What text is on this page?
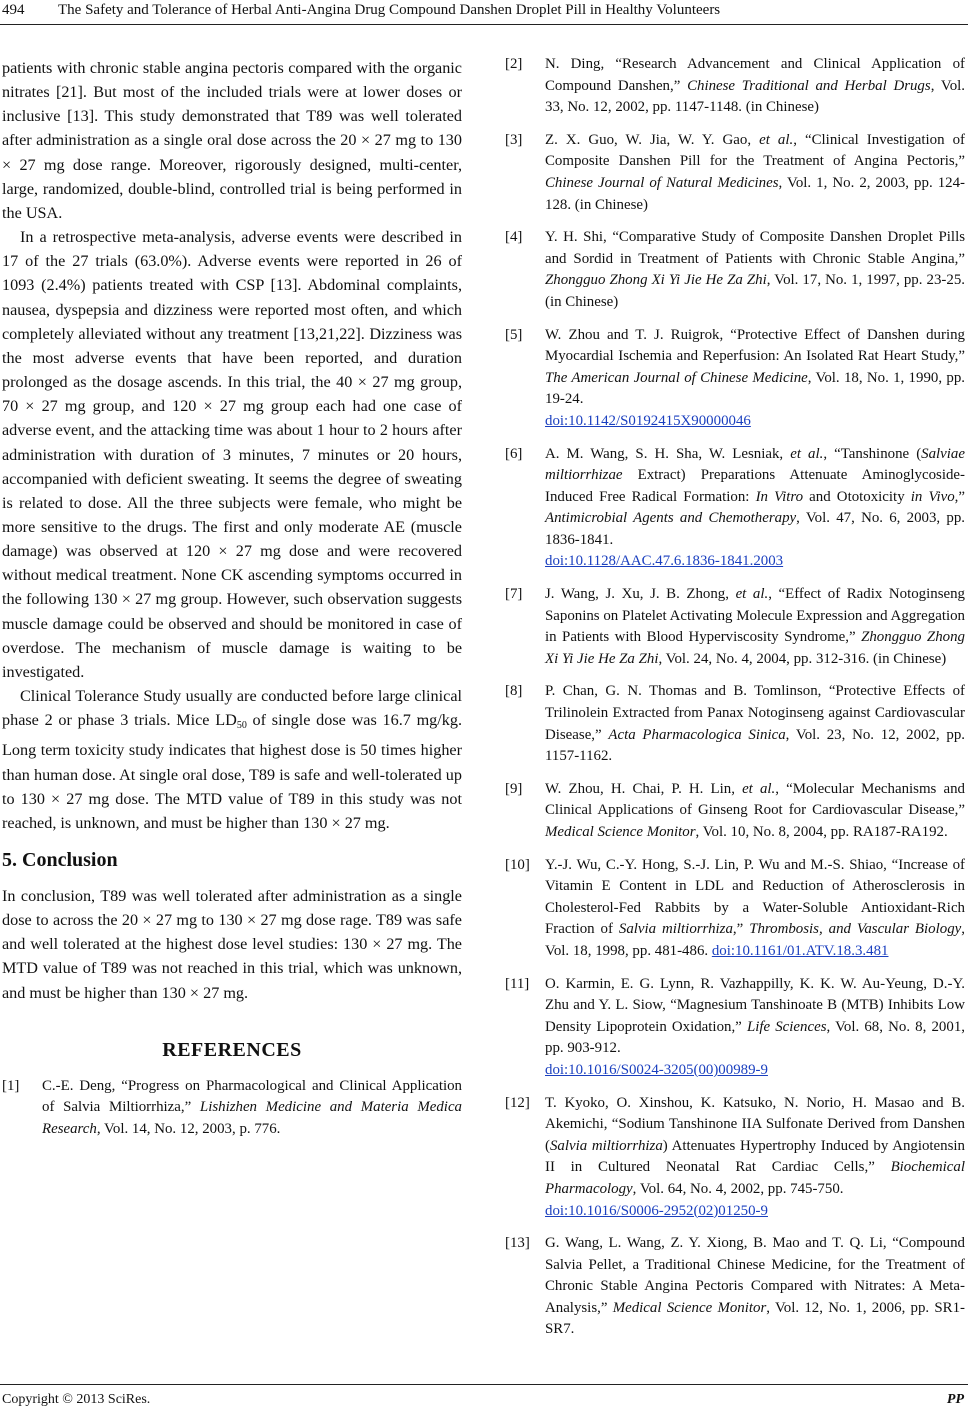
494 The Safety and Tolerance of Herbal Anti-Angina Drug Compound Danshen Droplet Pill in Healthy Volunteers

patients with chronic stable angina pectoris compared with the organic nitrates [21]. But most of the included trials were at lower doses or inclusive [13]. This study demonstrated that T89 was well tolerated after administration as a single oral dose across the 20 × 27 mg to 130 × 27 mg dose range. Moreover, rigorously designed, multi-center, large, randomized, double-blind, controlled trial is being performed in the USA.

In a retrospective meta-analysis, adverse events were described in 17 of the 27 trials (63.0%). Adverse events were reported in 26 of 1093 (2.4%) patients treated with CSP [13]. Abdominal complaints, nausea, dyspepsia and dizziness were reported most often, and which completely alleviated without any treatment [13,21,22]. Dizziness was the most adverse events that have been reported, and duration prolonged as the dosage ascends. In this trial, the 40 × 27 mg group, 70 × 27 mg group, and 120 × 27 mg group each had one case of adverse event, and the attacking time was about 1 hour to 2 hours after administration with duration of 3 minutes, 7 minutes or 20 hours, accompanied with deficient sweating. It seems the degree of sweating is related to dose. All the three subjects were female, who might be more sensitive to the drugs. The first and only moderate AE (muscle damage) was observed at 120 × 27 mg dose and were recovered without medical treatment. None CK ascending symptoms occurred in the following 130 × 27 mg group. However, such observation suggests muscle damage could be observed and should be monitored in case of overdose. The mechanism of muscle damage is waiting to be investigated.

Clinical Tolerance Study usually are conducted before large clinical phase 2 or phase 3 trials. Mice $LD_{50}$ of single dose was 16.7 mg/kg. Long term toxicity study indicates that highest dose is 50 times higher than human dose. At single oral dose, T89 is safe and well-tolerated up to 130 × 27 mg dose. The MTD value of T89 in this study was not reached, is unknown, and must be higher than 130 × 27 mg.

5. Conclusion

In conclusion, T89 was well tolerated after administration as a single dose to across the 20 × 27 mg to 130 × 27 mg dose rage. T89 was safe and well tolerated at the highest dose level studies: 130 × 27 mg. The MTD value of T89 was not reached in this trial, which was unknown, and must be higher than 130 × 27 mg.

REFERENCES
[1] C.-E. Deng, “Progress on Pharmacological and Clinical Application of Salvia Miltiorrhiza,” Lishizhen Medicine and Materia Medica Research, Vol. 14, No. 12, 2003, p. 776.
[2] N. Ding, “Research Advancement and Clinical Application of Compound Danshen,” Chinese Traditional and Herbal Drugs, Vol. 33, No. 12, 2002, pp. 1147-1148. (in Chinese)
[3] Z. X. Guo, W. Jia, W. Y. Gao, et al., “Clinical Investigation of Composite Danshen Pill for the Treatment of Angina Pectoris,” Chinese Journal of Natural Medicines, Vol. 1, No. 2, 2003, pp. 124-128. (in Chinese)
[4] Y. H. Shi, “Comparative Study of Composite Danshen Droplet Pills and Sordid in Treatment of Patients with Chronic Stable Angina,” Zhongguo Zhong Xi Yi Jie He Za Zhi, Vol. 17, No. 1, 1997, pp. 23-25. (in Chinese)
[5] W. Zhou and T. J. Ruigrok, “Protective Effect of Danshen during Myocardial Ischemia and Reperfusion: An Isolated Rat Heart Study,” The American Journal of Chinese Medicine, Vol. 18, No. 1, 1990, pp. 19-24.
doi:10.1142/S0192415X90000046
[6] A. M. Wang, S. H. Sha, W. Lesniak, et al., “Tanshinone (Salviae miltiorrhizae Extract) Preparations Attenuate Aminoglycoside-Induced Free Radical Formation: In Vitro and Ototoxicity in Vivo,” Antimicrobial Agents and Chemotherapy, Vol. 47, No. 6, 2003, pp. 1836-1841.
doi:10.1128/AAC.47.6.1836-1841.2003
[7] J. Wang, J. Xu, J. B. Zhong, et al., “Effect of Radix Notoginseng Saponins on Platelet Activating Molecule Expression and Aggregation in Patients with Blood Hyperviscosity Syndrome,” Zhongguo Zhong Xi Yi Jie He Za Zhi, Vol. 24, No. 4, 2004, pp. 312-316. (in Chinese)
[8] P. Chan, G. N. Thomas and B. Tomlinson, “Protective Effects of Trilinolein Extracted from Panax Notoginseng against Cardiovascular Disease,” Acta Pharmacologica Sinica, Vol. 23, No. 12, 2002, pp. 1157-1162.
[9] W. Zhou, H. Chai, P. H. Lin, et al., “Molecular Mechanisms and Clinical Applications of Ginseng Root for Cardiovascular Disease,” Medical Science Monitor, Vol. 10, No. 8, 2004, pp. RA187-RA192.
[10] Y.-J. Wu, C.-Y. Hong, S.-J. Lin, P. Wu and M.-S. Shiao, “Increase of Vitamin E Content in LDL and Reduction of Atherosclerosis in Cholesterol-Fed Rabbits by a Water-Soluble Antioxidant-Rich Fraction of Salvia miltiorrhiza,” Thrombosis, and Vascular Biology, Vol. 18, 1998, pp. 481-486. doi:10.1161/01.ATV.18.3.481
[11] O. Karmin, E. G. Lynn, R. Vazhappilly, K. K. W. Au-Yeung, D.-Y. Zhu and Y. L. Siow, “Magnesium Tanshinoate B (MTB) Inhibits Low Density Lipoprotein Oxidation,” Life Sciences, Vol. 68, No. 8, 2001, pp. 903-912.
doi:10.1016/S0024-3205(00)00989-9
[12] T. Kyoko, O. Xinshou, K. Katsuko, N. Norio, H. Masao and B. Akemichi, “Sodium Tanshinone IIA Sulfonate Derived from Danshen (Salvia miltiorrhiza) Attenuates Hypertrophy Induced by Angiotensin II in Cultured Neonatal Rat Cardiac Cells,” Biochemical Pharmacology, Vol. 64, No. 4, 2002, pp. 745-750.
doi:10.1016/S0006-2952(02)01250-9
[13] G. Wang, L. Wang, Z. Y. Xiong, B. Mao and T. Q. Li, “Compound Salvia Pellet, a Traditional Chinese Medicine, for the Treatment of Chronic Stable Angina Pectoris Compared with Nitrates: A Meta-Analysis,” Medical Science Monitor, Vol. 12, No. 1, 2006, pp. SR1-SR7.
Copyright © 2013 SciRes.	PP
